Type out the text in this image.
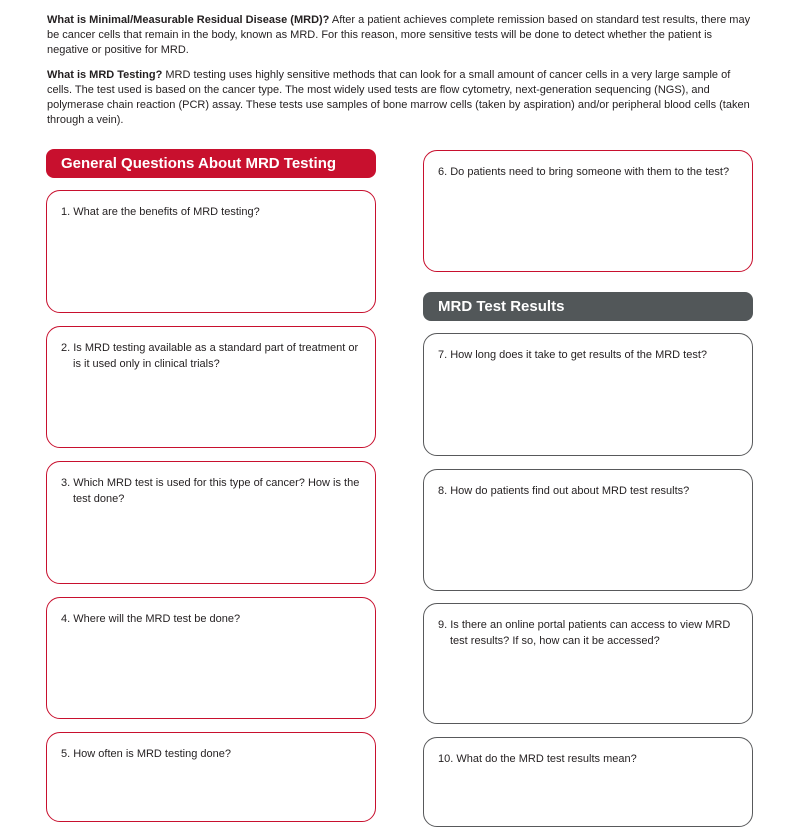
What is Minimal/Measurable Residual Disease (MRD)? After a patient achieves complete remission based on standard test results, there may be cancer cells that remain in the body, known as MRD. For this reason, more sensitive tests will be done to detect whether the patient is negative or positive for MRD.

What is MRD Testing? MRD testing uses highly sensitive methods that can look for a small amount of cancer cells in a very large sample of cells. The test used is based on the cancer type. The most widely used tests are flow cytometry, next-generation sequencing (NGS), and polymerase chain reaction (PCR) assay. These tests use samples of bone marrow cells (taken by aspiration) and/or peripheral blood cells (taken through a vein).

General Questions About MRD Testing
1. What are the benefits of MRD testing?
2. Is MRD testing available as a standard part of treatment or is it used only in clinical trials?
3. Which MRD test is used for this type of cancer? How is the test done?
4. Where will the MRD test be done?
5. How often is MRD testing done?
6. Do patients need to bring someone with them to the test?
MRD Test Results
7. How long does it take to get results of the MRD test?
8. How do patients find out about MRD test results?
9. Is there an online portal patients can access to view MRD test results? If so, how can it be accessed?
10. What do the MRD test results mean?
